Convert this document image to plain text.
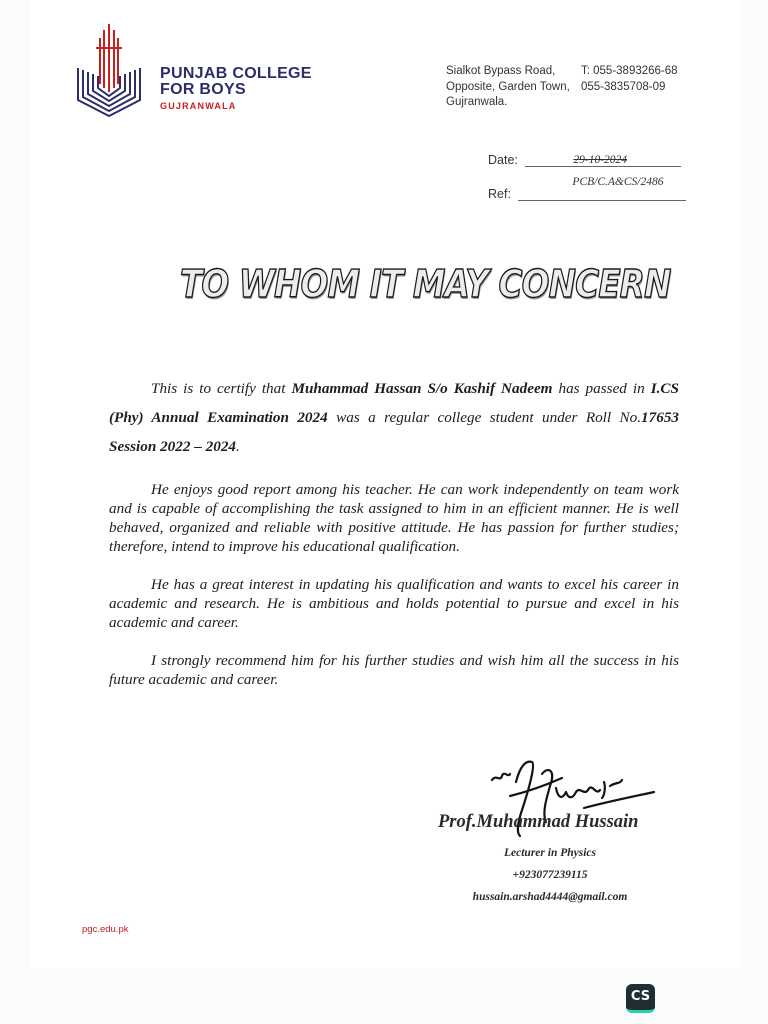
PUNJAB COLLEGE
FOR BOYS
GUJRANWALA
Sialkot Bypass Road,	T: 055-3893266-68
Opposite, Garden Town, 055-3835708-09
Gujranwala.
Date:	29-10-2024
Ref:
PCB/C.A&CS/2486
TO WHOM IT MAY CONCERN
This is to certify that Muhammad Hassan S/o Kashif Nadeem has passed in I.CS (Phy) Annual Examination 2024 was a regular college student under Roll No.17653 Session 2022 – 2024.
He enjoys good report among his teacher. He can work independently on team work and is capable of accomplishing the task assigned to him in an efficient manner. He is well behaved, organized and reliable with positive attitude. He has passion for further studies; therefore, intend to improve his educational qualification.
He has a great interest in updating his qualification and wants to excel his career in academic and research. He is ambitious and holds potential to pursue and excel in his academic and career.
I strongly recommend him for his further studies and wish him all the success in his future academic and career.
Prof.Muhammad Hussain
Lecturer in Physics
+923077239115
hussain.arshad4444@gmail.com
pgc.edu.pk
CS
